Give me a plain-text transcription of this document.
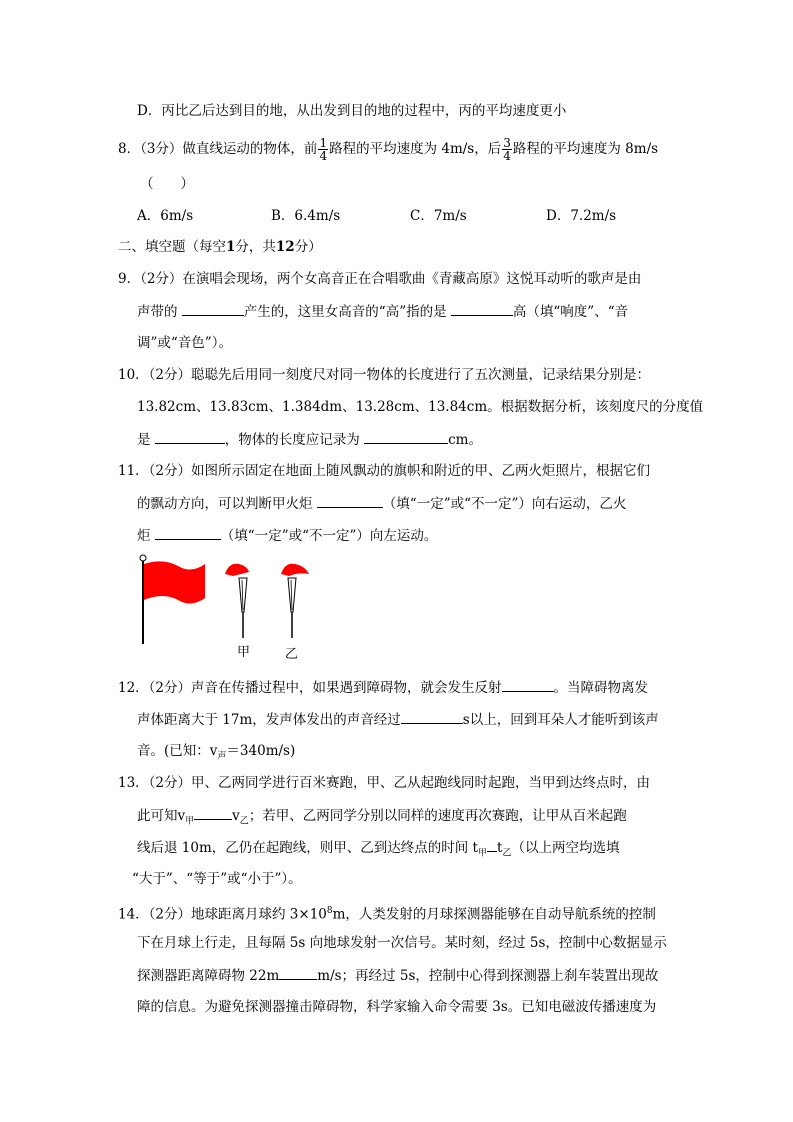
D．丙比乙后达到目的地，从出发到目的地的过程中，丙的平均速度更小
8．（3分）做直线运动的物体，前 $\frac{1}{4}$ 路程的平均速度为 4m/s，后 $\frac{3}{4}$ 路程的平均速度为 8m/s
（　　）
A．6m/s	B．6.4m/s	C．7m/s	D．7.2m/s
二、填空题（每空1分，共12分）
9．（2分）在演唱会现场，两个女高音正在合唱歌曲《青藏高原》这悦耳动听的歌声是由
声带的	产生的，这里女高音的“高”指的是	高（填“响度”、“音
调”或“音色”）。
10．（2分）聪聪先后用同一刻度尺对同一物体的长度进行了五次测量，记录结果分别是：
13.82cm、13.83cm、1.384dm、13.28cm、13.84cm。根据数据分析，该刻度尺的分度值
是	，物体的长度应记录为	cm。
11．（2分）如图所示固定在地面上随风飘动的旗帜和附近的甲、乙两火炬照片，根据它们
的飘动方向，可以判断甲火炬	（填“一定”或“不一定”）向右运动，乙火
炬	（填“一定”或“不一定”）向左运动。
甲	乙
12．（2分）声音在传播过程中，如果遇到障碍物，就会发生反射	。当障碍物离发
声体距离大于 17m，发声体发出的声音经过	s以上，回到耳朵人才能听到该声
音。(已知：$v_声=340m/s$)
13．（2分）甲、乙两同学进行百米赛跑，甲、乙从起跑线同时起跑，当甲到达终点时，由
此可知$v_甲$	$v_乙$；若甲、乙两同学分别以同样的速度再次赛跑，让甲从百米起跑
线后退 10m，乙仍在起跑线，则甲、乙到达终点的时间 $t_甲$ $t_乙$（以上两空均选填
“大于”、“等于”或“小于”）。
14．（2分）地球距离月球约 $3\times 10^8m$，人类发射的月球探测器能够在自动导航系统的控制
下在月球上行走，且每隔 5s 向地球发射一次信号。某时刻，经过 5s，控制中心数据显示
探测器距离障碍物 22m	m/s；再经过 5s，控制中心得到探测器上刹车装置出现故
障的信息。为避免探测器撞击障碍物，科学家输入命令需要 3s。已知电磁波传播速度为
